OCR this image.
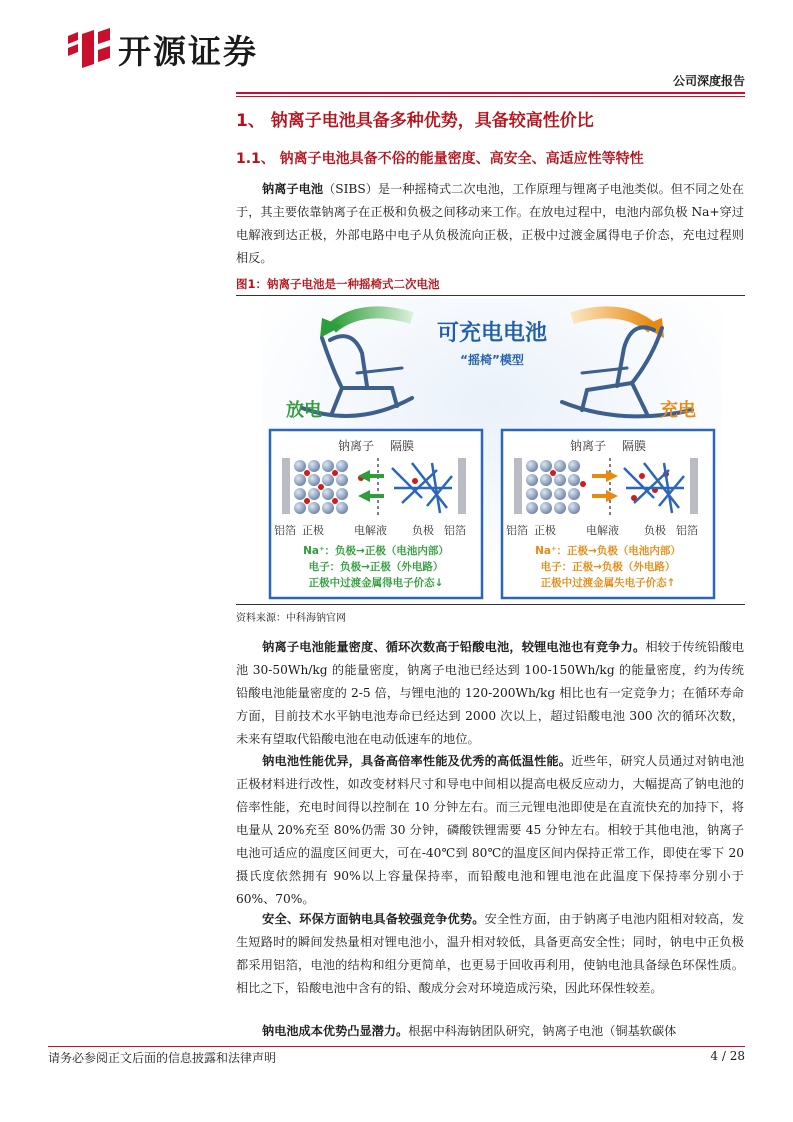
开源证券
公司深度报告
1、 钠离子电池具备多种优势，具备较高性价比
1.1、 钠离子电池具备不俗的能量密度、高安全、高适应性等特性
钠离子电池（SIBS）是一种摇椅式二次电池，工作原理与锂离子电池类似。但不同之处在于，其主要依靠钠离子在正极和负极之间移动来工作。在放电过程中，电池内部负极 Na+穿过电解液到达正极，外部电路中电子从负极流向正极，正极中过渡金属得电子价态，充电过程则相反。
图1：钠离子电池是一种摇椅式二次电池
可充电电池
“摇椅”模型
放电	充电
钠离子 隔膜
铝箔 正极	电解液 负极 铝箔
Na⁺：负极→正极（电池内部）
电子：负极→正极（外电路）
正极中过渡金属得电子价态↓
钠离子 隔膜
铝箔 正极	电解液 负极 铝箔
Na⁺：正极→负极（电池内部）
电子：正极→负极（外电路）
正极中过渡金属失电子价态↑
资料来源：中科海钠官网
钠离子电池能量密度、循环次数高于铅酸电池，较锂电池也有竞争力。相较于传统铅酸电池 30-50Wh/kg 的能量密度，钠离子电池已经达到 100-150Wh/kg 的能量密度，约为传统铅酸电池能量密度的 2-5 倍，与锂电池的 120-200Wh/kg 相比也有一定竞争力；在循环寿命方面，目前技术水平钠电池寿命已经达到 2000 次以上，超过铅酸电池 300 次的循环次数，未来有望取代铅酸电池在电动低速车的地位。
钠电池性能优异，具备高倍率性能及优秀的高低温性能。近些年，研究人员通过对钠电池正极材料进行改性，如改变材料尺寸和导电中间相以提高电极反应动力，大幅提高了钠电池的倍率性能，充电时间得以控制在 10 分钟左右。而三元锂电池即使是在直流快充的加持下，将电量从 20%充至 80%仍需 30 分钟，磷酸铁锂需要 45 分钟左右。相较于其他电池，钠离子电池可适应的温度区间更大，可在-40℃到 80℃的温度区间内保持正常工作，即使在零下 20 摄氏度依然拥有 90%以上容量保持率，而铅酸电池和锂电池在此温度下保持率分别小于 60%、70%。
安全、环保方面钠电具备较强竞争优势。安全性方面，由于钠离子电池内阻相对较高，发生短路时的瞬间发热量相对锂电池小，温升相对较低，具备更高安全性；同时，钠电中正负极都采用铝箔，电池的结构和组分更简单，也更易于回收再利用，使钠电池具备绿色环保性质。相比之下，铅酸电池中含有的铅、酸成分会对环境造成污染，因此环保性较差。
钠电池成本优势凸显潜力。根据中科海钠团队研究，钠离子电池（铜基软碳体
请务必参阅正文后面的信息披露和法律声明	4 / 28
